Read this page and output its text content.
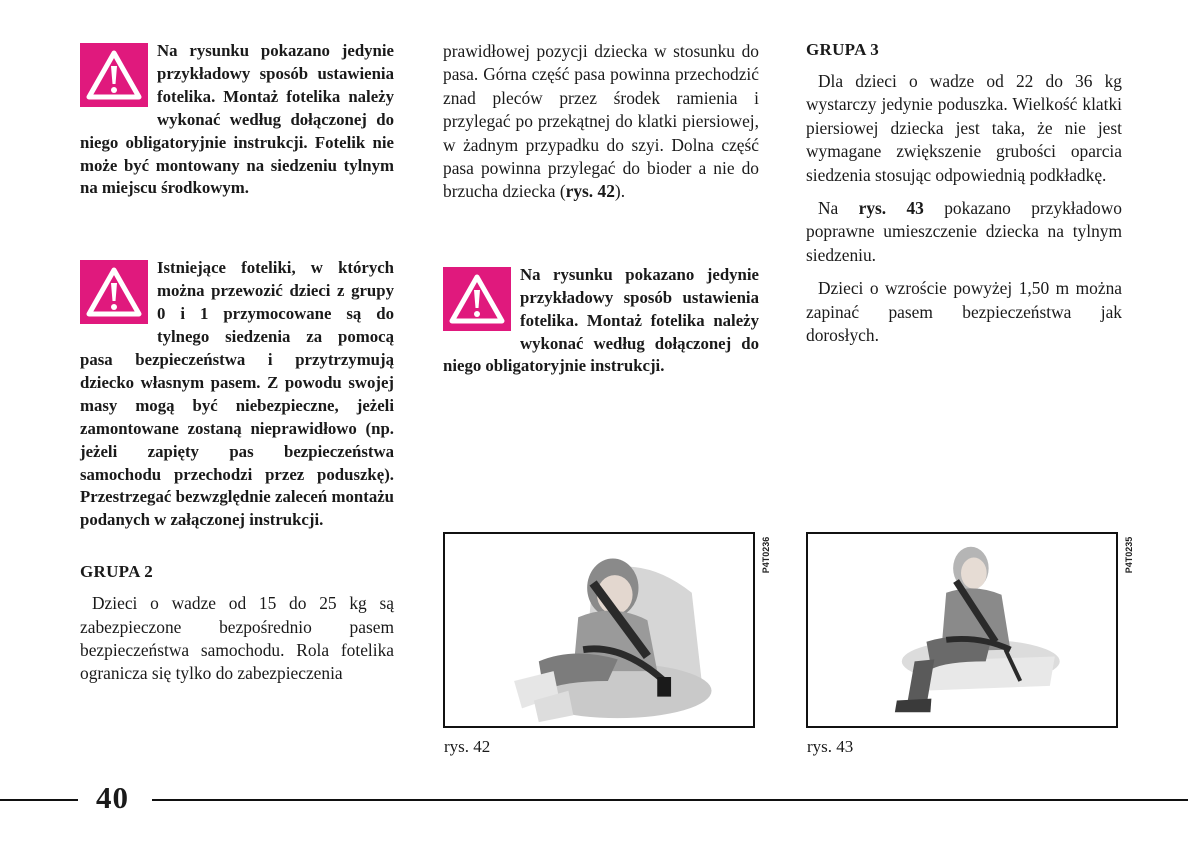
Na rysunku pokazano jedynie przykładowy sposób ustawienia fotelika. Montaż fotelika należy wykonać według dołączonej do niego obligatoryjnie instrukcji. Fotelik nie może być montowany na siedzeniu tylnym na miejscu środkowym.

Istniejące foteliki, w których można przewozić dzieci z grupy 0 i 1 przymocowane są do tylnego siedzenia za pomocą pasa bezpieczeństwa i przytrzymują dziecko własnym pasem. Z powodu swojej masy mogą być niebezpieczne, jeżeli zamontowane zostaną nieprawidłowo (np. jeżeli zapięty pas bezpieczeństwa samochodu przechodzi przez poduszkę). Przestrzegać bezwzględnie zaleceń montażu podanych w załączonej instrukcji.

GRUPA 2

Dzieci o wadze od 15 do 25 kg są zabezpieczone bezpośrednio pasem bezpieczeństwa samochodu. Rola fotelika ogranicza się tylko do zabezpieczenia

prawidłowej pozycji dziecka w stosunku do pasa. Górna część pasa powinna przechodzić znad pleców przez środek ramienia i przylegać po przekątnej do klatki piersiowej, w żadnym przypadku do szyi. Dolna część pasa powinna przylegać do bioder a nie do brzucha dziecka (rys. 42).

Na rysunku pokazano jedynie przykładowy sposób ustawienia fotelika. Montaż fotelika należy wykonać według dołączonej do niego obligatoryjnie instrukcji.

GRUPA 3

Dla dzieci o wadze od 22 do 36 kg wystarczy jedynie poduszka. Wielkość klatki piersiowej dziecka jest taka, że nie jest wymagane zwiększenie grubości oparcia siedzenia stosując odpowiednią podkładkę.

Na rys. 43 pokazano przykładowo poprawne umieszczenie dziecka na tylnym siedzeniu.

Dzieci o wzroście powyżej 1,50 m można zapinać pasem bezpieczeństwa jak dorosłych.

P4T0236
rys. 42
P4T0235
rys. 43
40
